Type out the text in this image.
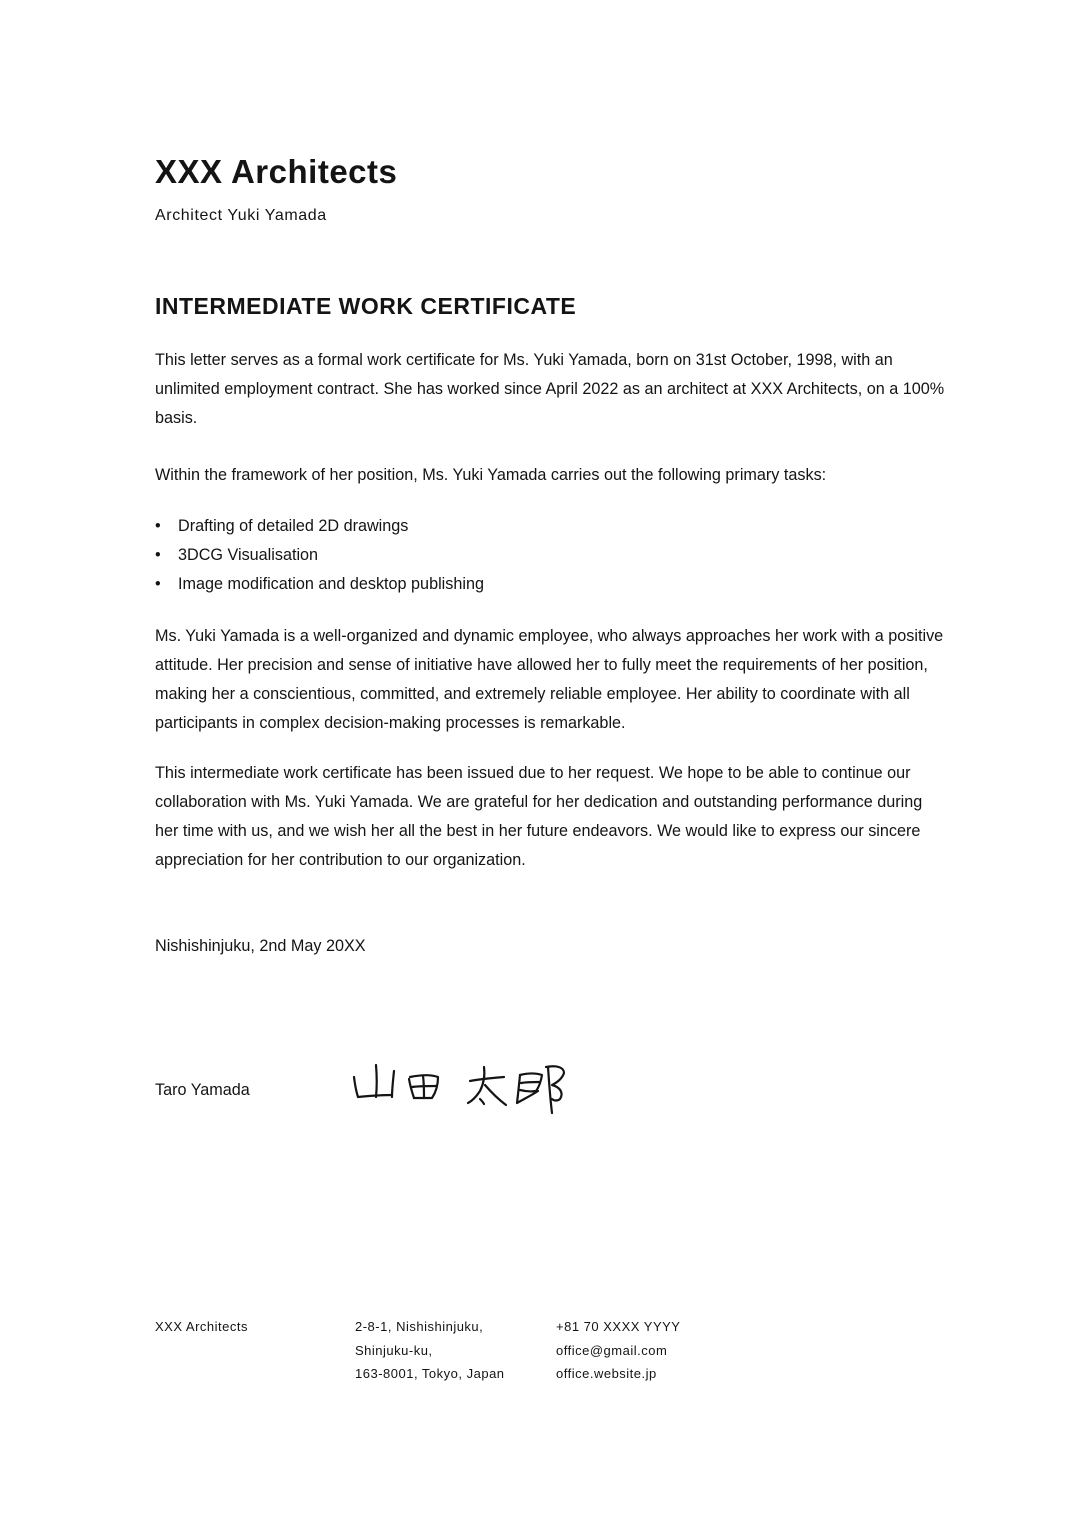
XXX Architects
Architect Yuki Yamada
INTERMEDIATE WORK CERTIFICATE

This letter serves as a formal work certificate for Ms. Yuki Yamada, born on 31st October, 1998, with an unlimited employment contract. She has worked since April 2022 as an architect at XXX Architects, on a 100% basis.

Within the framework of her position, Ms. Yuki Yamada carries out the following primary tasks:

• Drafting of detailed 2D drawings
• 3DCG Visualisation
• Image modification and desktop publishing

Ms. Yuki Yamada is a well-organized and dynamic employee, who always approaches her work with a positive attitude. Her precision and sense of initiative have allowed her to fully meet the requirements of her position, making her a conscientious, committed, and extremely reliable employee. Her ability to coordinate with all participants in complex decision-making processes is remarkable.

This intermediate work certificate has been issued due to her request. We hope to be able to continue our collaboration with Ms. Yuki Yamada. We are grateful for her dedication and outstanding performance during her time with us, and we wish her all the best in her future endeavors. We would like to express our sincere appreciation for her contribution to our organization.

Nishishinjuku, 2nd May 20XX
Taro Yamada
XXX Architects	2-8-1, Nishishinjuku,
Shinjuku-ku,
163-8001, Tokyo, Japan
+81 70 XXXX YYYY
office@gmail.com
office.website.jp
